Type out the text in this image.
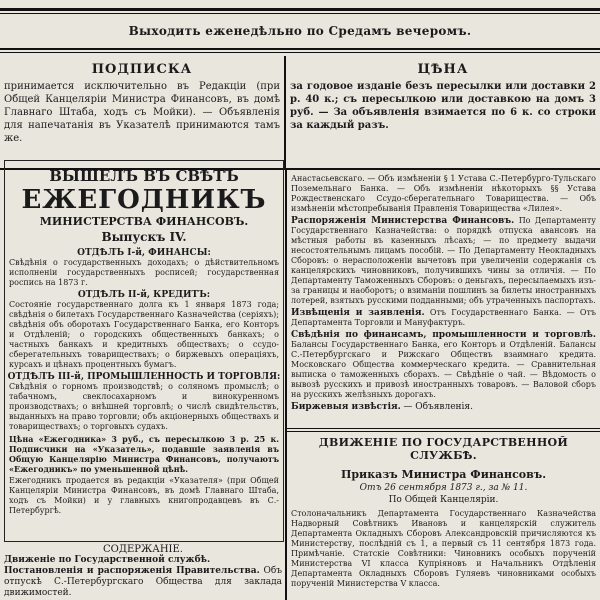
Выходить еженедѣльно по Средамъ вечеромъ.
ПОДПИСКА
принимается исключительно въ Редакціи (при Общей Канцеляріи Министра Финансовъ, въ домѣ Главнаго Штаба, ходъ съ Мойки). — Объявленія для напечатанія въ Указателѣ принимаются тамъ же.
ЦѢНА
за годовое изданіе безъ пересылки или доставки 2 р. 40 к.; съ пересылкою или доставкою на домъ 3 руб. — За объявленія взимается по 6 к. со строки за каждый разъ.
ВЫШЕЛЪ ВЪ СВѢТЪ
ЕЖЕГОДНИКЪ
МИНИСТЕРСТВА ФИНАНСОВЪ.
Выпускъ IV.
ОТДѢЛЪ I-й, ФИНАНСЫ:
Свѣдѣнія о государственныхъ доходахъ; о дѣйствительномъ исполненіи государственныхъ росписей; государственная роспись на 1873 г.
ОТДѢЛЪ II-й, КРЕДИТЪ:
Состояніе государственнаго долга къ 1 января 1873 года; свѣдѣнія о билетахъ Государственнаго Казначейства (серіяхъ); свѣдѣнія объ оборотахъ Государственнаго Банка, его Конторъ и Отдѣленій; о городскихъ общественныхъ банкахъ; о частныхъ банкахъ и кредитныхъ обществахъ; о ссудо-сберегательныхъ товариществахъ; о биржевыхъ операціяхъ, курсахъ и цѣнахъ процентныхъ бумагъ.
ОТДѢЛЪ III-й, ПРОМЫШЛЕННОСТЬ И ТОРГОВЛЯ:
Свѣдѣнія о горномъ производствѣ; о соляномъ промыслѣ; о табачномъ, свеклосахарномъ и винокуренномъ производствахъ; о внѣшней торговлѣ; о числѣ свидѣтельствъ, выданныхъ на право торговли; объ акціонерныхъ обществахъ и товариществахъ; о торговыхъ судахъ.
Цѣна «Ежегодника» 3 руб., съ пересылкою 3 р. 25 к. Подписчики на «Указатель», подавшіе заявленія въ Общую Канцелярію Министра Финансовъ, получаютъ «Ежегодникъ» по уменьшенной цѣнѣ.
Ежегодникъ продается въ редакціи «Указателя» (при Общей Канцеляріи Министра Финансовъ, въ домѣ Главнаго Штаба, ходъ съ Мойки) и у главныхъ книгопродавцевъ въ С.-Петербургѣ.
СОДЕРЖАНІЕ.
Движеніе по Государственной службѣ.
Постановленія и распоряженія Правительства. Объ отпускѣ С.-Петербургскаго Общества для заклада движимостей.
Анастасьевскаго. — Объ измѣненіи § 1 Устава С.-Петербурго-Тульскаго Поземельнаго Банка. — Объ измѣненіи нѣкоторыхъ §§ Устава Рождественскаго Ссудо-сберегательнаго Товарищества. — Объ измѣненіи мѣстопребыванія Правленія Товарищества «Лилея».
Распоряженія Министерства Финансовъ. По Департаменту Государственнаго Казначейства: о порядкѣ отпуска авансовъ на мѣстныя работы въ казенныхъ лѣсахъ; — по предмету выдачи несостоятельнымъ лицамъ пособій. — По Департаменту Неокладныхъ Сборовъ: о нерасположеніи вычетовъ при увеличеніи содержанія съ канцелярскихъ чиновниковъ, получившихъ чины за отличія. — По Департаменту Таможенныхъ Сборовъ: о деньгахъ, пересылаемыхъ изъ-за границы и наоборотъ; о взиманіи пошлинъ за билеты иностранныхъ лотерей, взятыхъ русскими подданными; объ утраченныхъ паспортахъ.
Извѣщенія и заявленія. Отъ Государственнаго Банка. — Отъ Департамента Торговли и Мануфактуръ.
Свѣдѣнія по финансамъ, промышленности и торговлѣ. Балансы Государственнаго Банка, его Конторъ и Отдѣленій. Балансы С.-Петербургскаго и Рижскаго Обществъ взаимнаго кредита. Московскаго Общества коммерческаго кредита. — Сравнительная выписка о таможенныхъ сборахъ. — Свѣдѣніе о чай. — Вѣдомость о вывозѣ русскихъ и привозѣ иностранныхъ товаровъ. — Валовой сборъ на русскихъ желѣзныхъ дорогахъ.
Биржевыя извѣстія. — Объявленія.
ДВИЖЕНІЕ ПО ГОСУДАРСТВЕННОЙ СЛУЖБѢ.
Приказъ Министра Финансовъ.
Отъ 26 сентября 1873 г., за № 11.
По Общей Канцеляріи.
Столоначальникъ Департамента Государственнаго Казначейства Надворный Совѣтникъ Ивановъ и канцелярскій служитель Департамента Окладныхъ Сборовъ Александровскій причисляются къ Министерству, послѣдній съ 1, а первый съ 11 сентября 1873 года. Примѣчаніе. Статскіе Совѣтники: Чиновникъ особыхъ порученій Министерства VI класса Купріяновъ и Начальникъ Отдѣленія Департамента Окладныхъ Сборовъ Гуляевъ чиновниками особыхъ порученій Министерства V класса.
